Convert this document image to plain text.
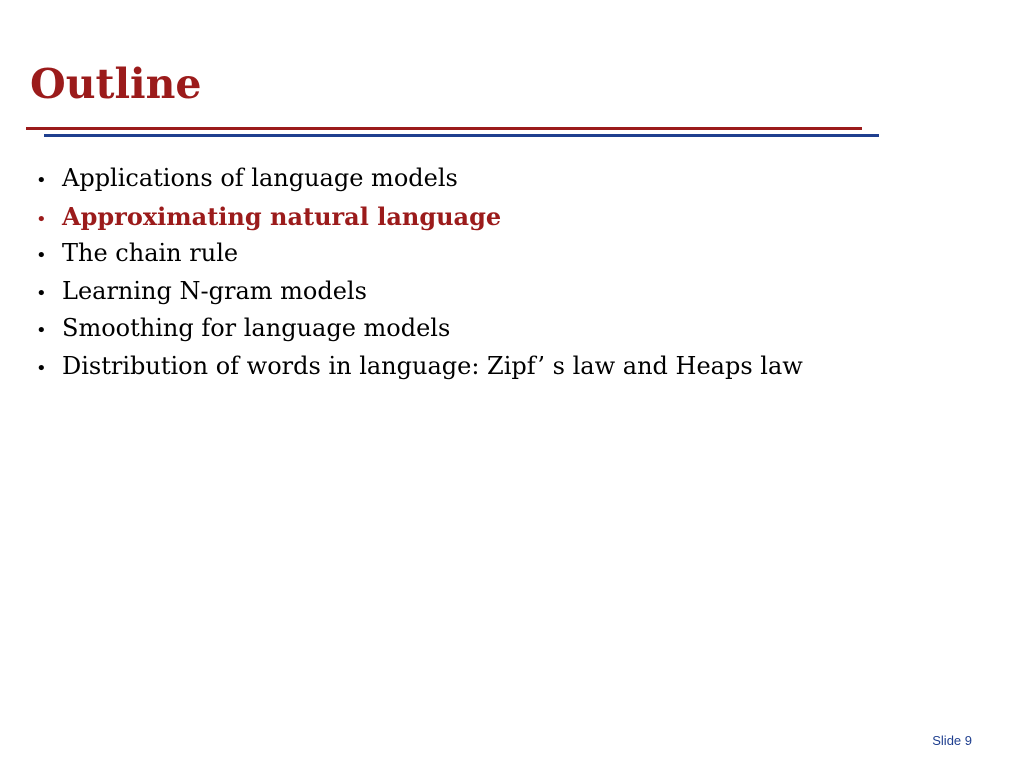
Outline
• Applications of language models
• Approximating natural language
• The chain rule
• Learning N-gram models
• Smoothing for language models
• Distribution of words in language: Zipf’ s law and Heaps law
Slide 9
